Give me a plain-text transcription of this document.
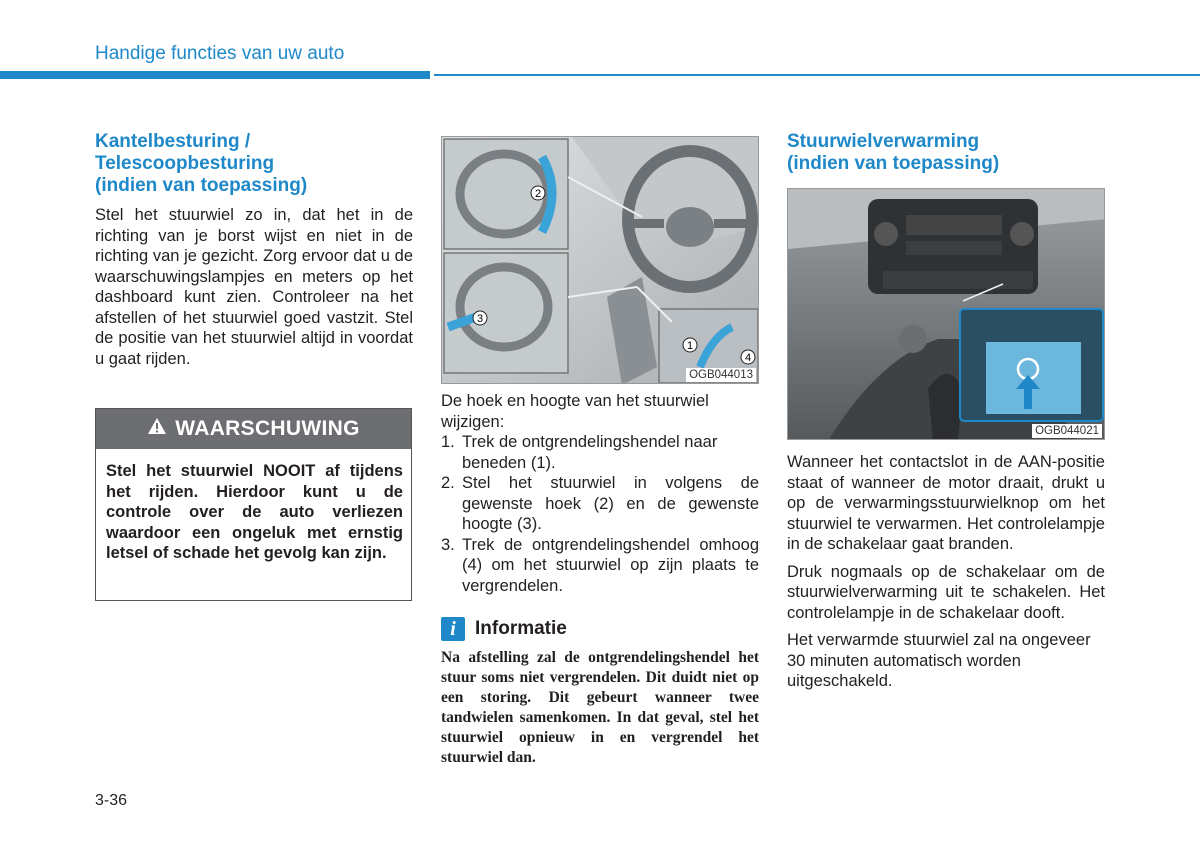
Handige functies van uw auto

Kantelbesturing /

Telescoopbesturing

(indien van toepassing)

Stel het stuurwiel zo in, dat het in de richting van je borst wijst en niet in de richting van je gezicht. Zorg ervoor dat u de waarschuwingslampjes en meters op het dashboard kunt zien. Controleer na het afstellen of het stuurwiel goed vastzit. Stel de positie van het stuurwiel altijd in voordat u gaat rijden.

WAARSCHUWING

Stel het stuurwiel NOOIT af tijdens het rijden. Hierdoor kunt u de controle over de auto verliezen waardoor een ongeluk met ernstig letsel of schade het gevolg kan zijn.

2
3
1
4
OGB044013

De hoek en hoogte van het stuurwiel wijzigen:

1. Trek de ontgrendelingshendel naar beneden (1).
2. Stel het stuurwiel in volgens de gewenste hoek (2) en de gewenste hoogte (3).
3. Trek de ontgrendelingshendel omhoog (4) om het stuurwiel op zijn plaats te vergrendelen.
i	Informatie

Na afstelling zal de ontgrendelingshendel het stuur soms niet vergrendelen. Dit duidt niet op een storing. Dit gebeurt wanneer twee tandwielen samenkomen. In dat geval, stel het stuurwiel opnieuw in en vergrendel het stuurwiel dan.

Stuurwielverwarming

(indien van toepassing)

OGB044021

Wanneer het contactslot in de AAN-positie staat of wanneer de motor draait, drukt u op de verwarmingsstuurwielknop om het stuurwiel te verwarmen. Het controlelampje in de schakelaar gaat branden.

Druk nogmaals op de schakelaar om de stuurwielverwarming uit te schakelen. Het controlelampje in de schakelaar dooft.

Het verwarmde stuurwiel zal na ongeveer 30 minuten automatisch worden uitgeschakeld.

3-36
